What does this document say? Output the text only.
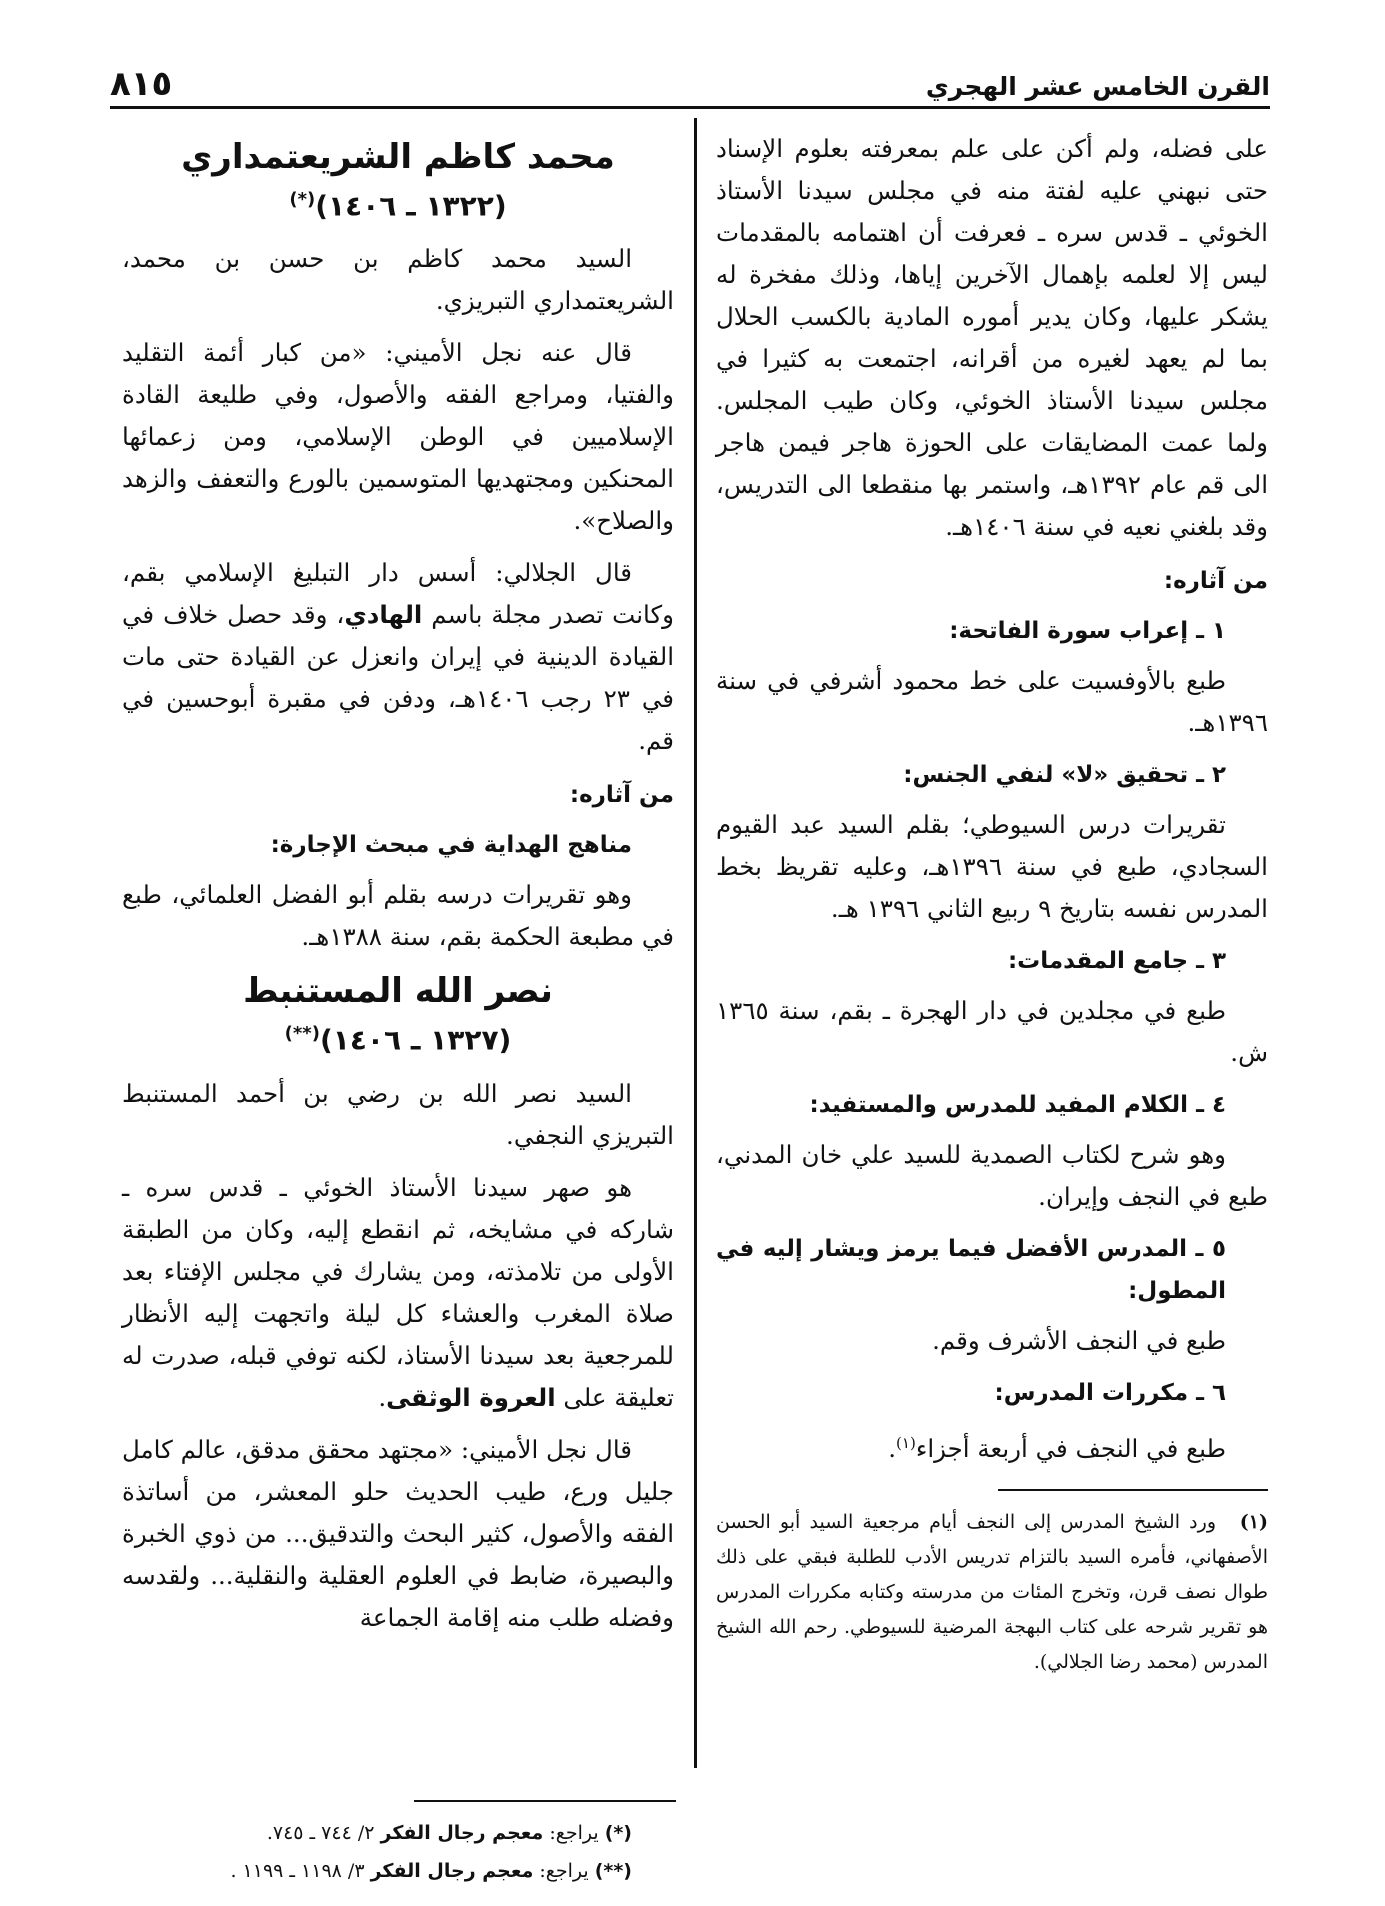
القرن الخامس عشر الهجري
٨١٥

على فضله، ولم أكن على علم بمعرفته بعلوم الإسناد حتى نبهني عليه لفتة منه في مجلس سيدنا الأستاذ الخوئي ـ قدس سره ـ فعرفت أن اهتمامه بالمقدمات ليس إلا لعلمه بإهمال الآخرين إياها، وذلك مفخرة له يشكر عليها، وكان يدير أموره المادية بالكسب الحلال بما لم يعهد لغيره من أقرانه، اجتمعت به كثيرا في مجلس سيدنا الأستاذ الخوئي، وكان طيب المجلس. ولما عمت المضايقات على الحوزة هاجر فيمن هاجر الى قم عام ١٣٩٢هـ، واستمر بها منقطعا الى التدريس، وقد بلغني نعيه في سنة ١٤٠٦هـ.

من آثاره:
١ ـ إعراب سورة الفاتحة:

طبع بالأوفسيت على خط محمود أشرفي في سنة ١٣٩٦هـ.

٢ ـ تحقيق «لا» لنفي الجنس:

تقريرات درس السيوطي؛ بقلم السيد عبد القيوم السجادي، طبع في سنة ١٣٩٦هـ، وعليه تقريظ بخط المدرس نفسه بتاريخ ٩ ربيع الثاني ١٣٩٦ هـ.

٣ ـ جامع المقدمات:

طبع في مجلدين في دار الهجرة ـ بقم، سنة ١٣٦٥ ش.

٤ ـ الكلام المفيد للمدرس والمستفيد:

وهو شرح لكتاب الصمدية للسيد علي خان المدني، طبع في النجف وإيران.

٥ ـ المدرس الأفضل فيما يرمز ويشار إليه في المطول:

طبع في النجف الأشرف وقم.

٦ ـ مكررات المدرس:

طبع في النجف في أربعة أجزاء$^{(١)}$.

(١)ورد الشيخ المدرس إلى النجف أيام مرجعية السيد أبو الحسن الأصفهاني، فأمره السيد بالتزام تدريس الأدب للطلبة فبقي على ذلك طوال نصف قرن، وتخرج المئات من مدرسته وكتابه مكررات المدرس هو تقرير شرحه على كتاب البهجة المرضية للسيوطي. رحم الله الشيخ المدرس (محمد رضا الجلالي).
محمد كاظم الشريعتمداري
(١٣٢٢ ـ ١٤٠٦)(*)

السيد محمد كاظم بن حسن بن محمد، الشريعتمداري التبريزي.

قال عنه نجل الأميني: «من كبار أئمة التقليد والفتيا، ومراجع الفقه والأصول، وفي طليعة القادة الإسلاميين في الوطن الإسلامي، ومن زعمائها المحنكين ومجتهديها المتوسمين بالورع والتعفف والزهد والصلاح».

قال الجلالي: أسس دار التبليغ الإسلامي بقم، وكانت تصدر مجلة باسم الهادي، وقد حصل خلاف في القيادة الدينية في إيران وانعزل عن القيادة حتى مات في ٢٣ رجب ١٤٠٦هـ، ودفن في مقبرة أبوحسين في قم.

من آثاره:
مناهج الهداية في مبحث الإجارة:

وهو تقريرات درسه بقلم أبو الفضل العلمائي، طبع في مطبعة الحكمة بقم، سنة ١٣٨٨هـ.

نصر الله المستنبط
(١٣٢٧ ـ ١٤٠٦)(**)

السيد نصر الله بن رضي بن أحمد المستنبط التبريزي النجفي.

هو صهر سيدنا الأستاذ الخوئي ـ قدس سره ـ شاركه في مشايخه، ثم انقطع إليه، وكان من الطبقة الأولى من تلامذته، ومن يشارك في مجلس الإفتاء بعد صلاة المغرب والعشاء كل ليلة واتجهت إليه الأنظار للمرجعية بعد سيدنا الأستاذ، لكنه توفي قبله، صدرت له تعليقة على العروة الوثقى.

قال نجل الأميني: «مجتهد محقق مدقق، عالم كامل جليل ورع، طيب الحديث حلو المعشر، من أساتذة الفقه والأصول، كثير البحث والتدقيق... من ذوي الخبرة والبصيرة، ضابط في العلوم العقلية والنقلية... ولقدسه وفضله طلب منه إقامة الجماعة

(*) يراجع: معجم رجال الفكر ٢/ ٧٤٤ ـ ٧٤٥.

(**) يراجع: معجم رجال الفكر ٣/ ١١٩٨ ـ ١١٩٩ .
